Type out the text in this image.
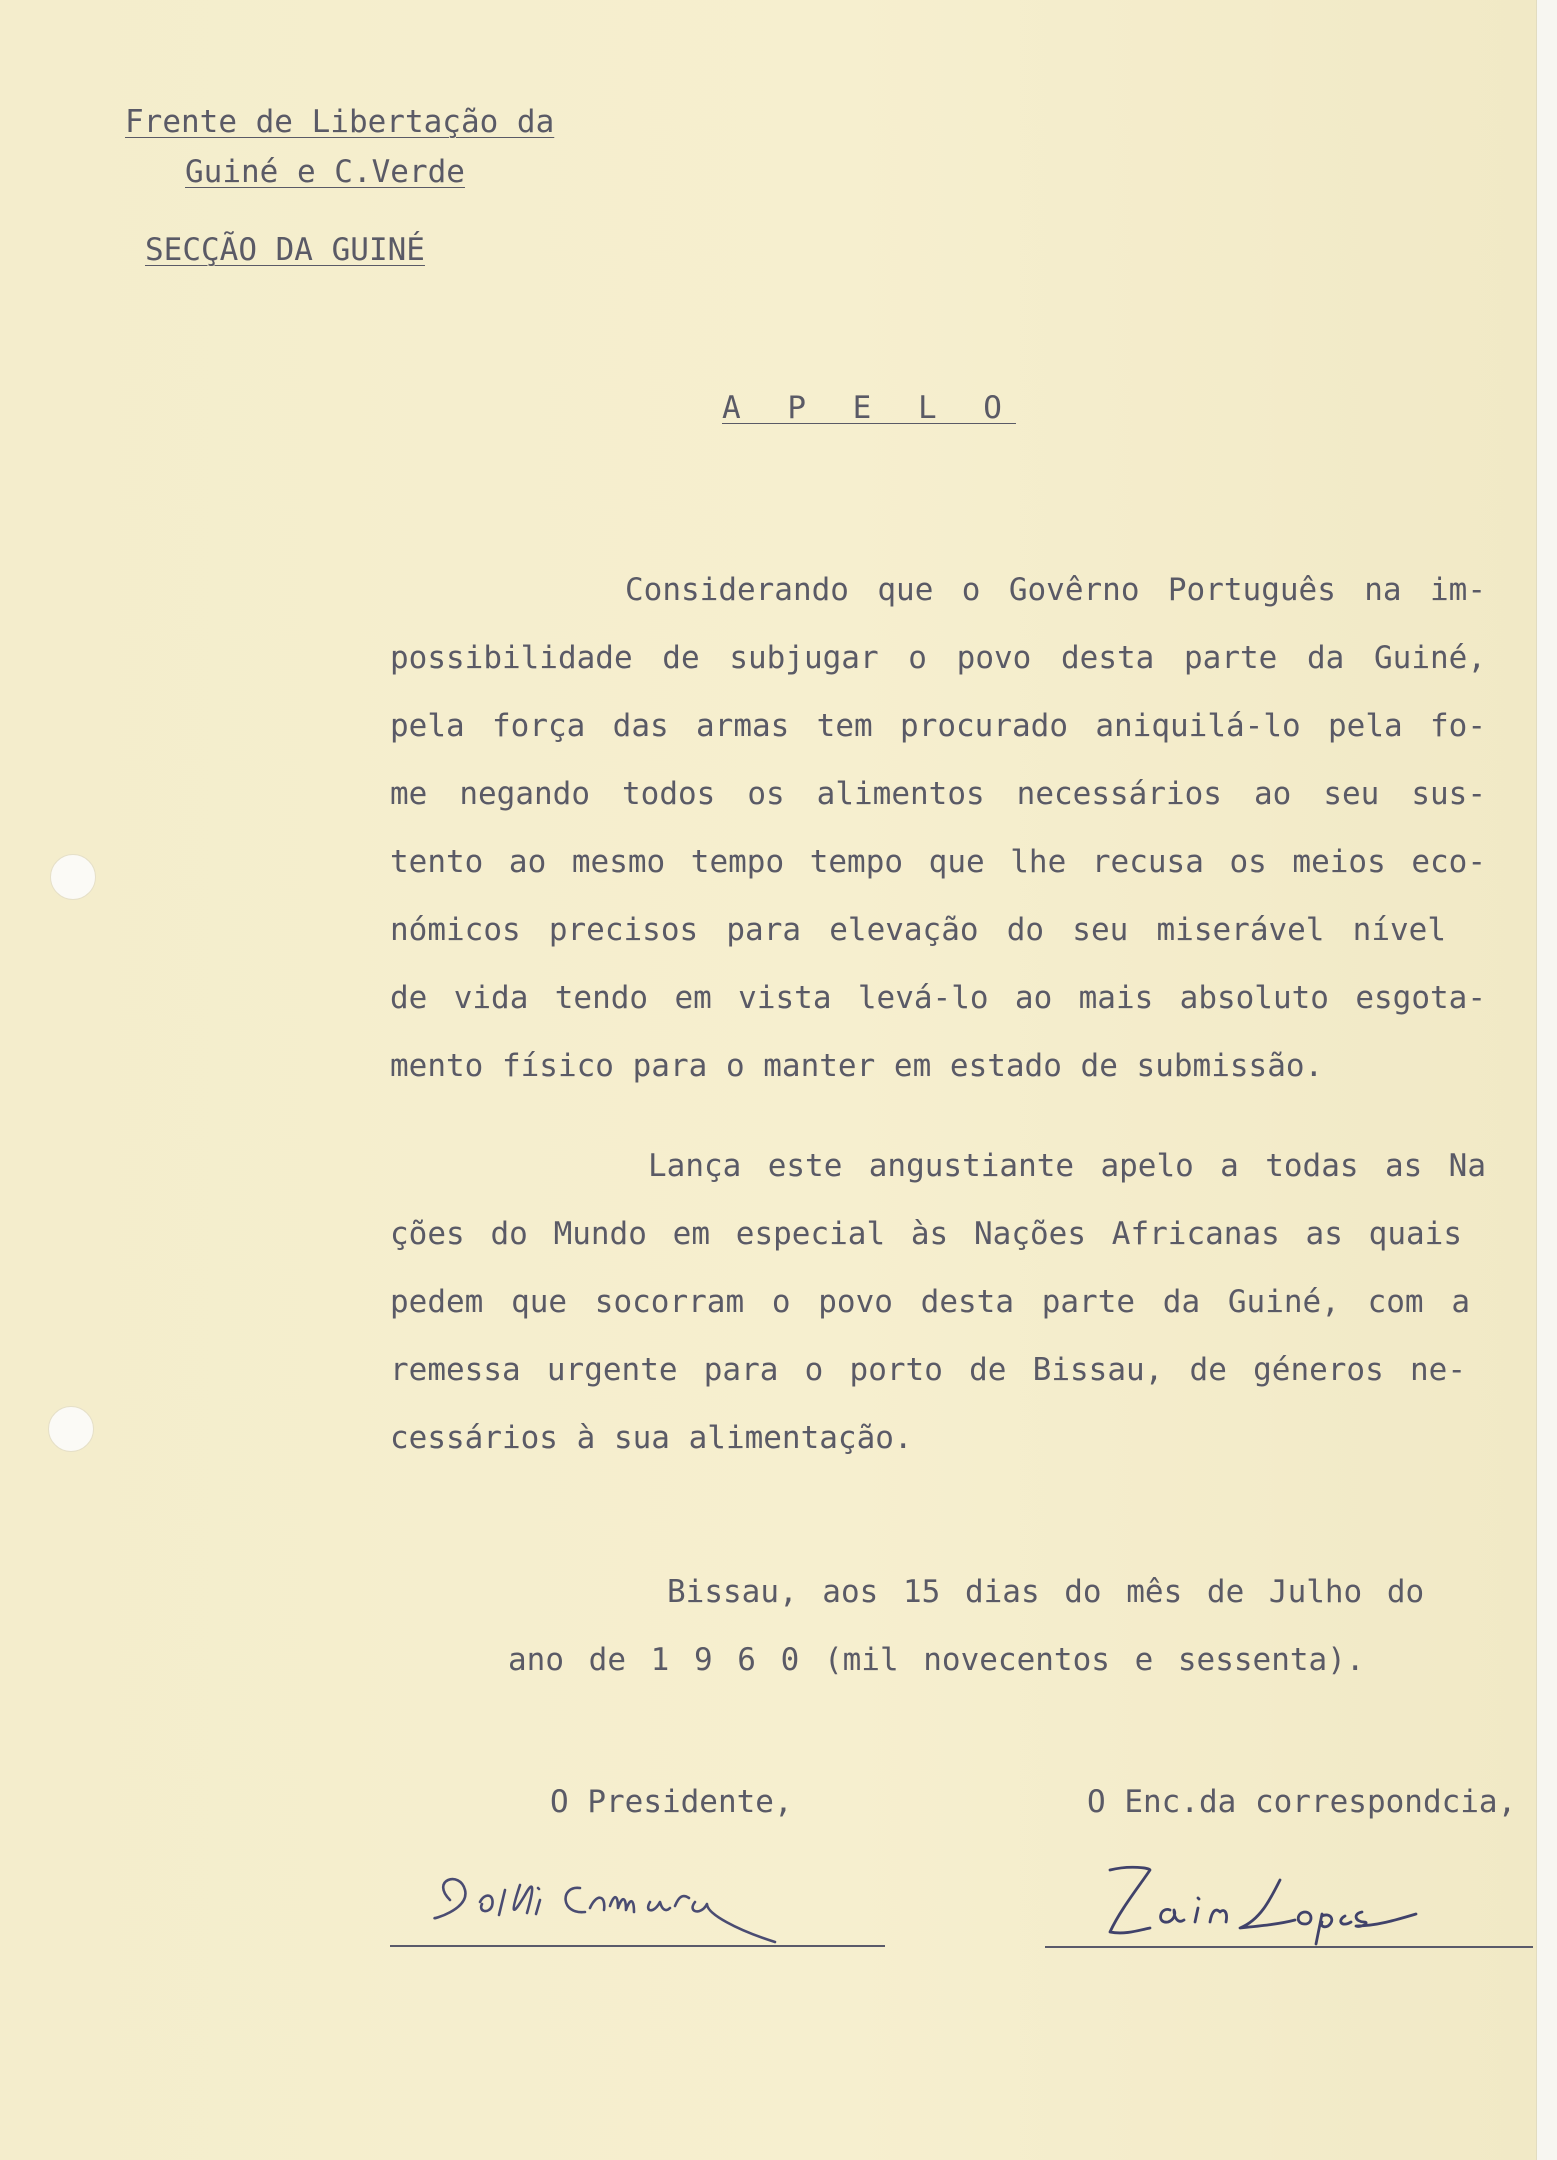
Frente de Libertação da
Guiné e C.Verde
SECÇÃO DA GUINÉ
A P E L O
Considerando que o Govêrno Português na im-
possibilidade de subjugar o povo desta parte da Guiné,
pela força das armas tem procurado aniquilá-lo pela fo-
me negando todos os alimentos necessários ao seu sus-
tento ao mesmo tempo tempo que lhe recusa os meios eco-
nómicos precisos para elevação do seu miserável nível
de vida tendo em vista levá-lo ao mais absoluto esgota-
mento físico para o manter em estado de submissão.
Lança este angustiante apelo a todas as Na
ções do Mundo em especial às Nações Africanas as quais
pedem que socorram o povo desta parte da Guiné, com a
remessa urgente para o porto de Bissau, de géneros ne-
cessários à sua alimentação.
Bissau, aos 15 dias do mês de Julho do
ano de 1 9 6 0 (mil novecentos e sessenta).
O Presidente,	O Enc.da correspondcia,
